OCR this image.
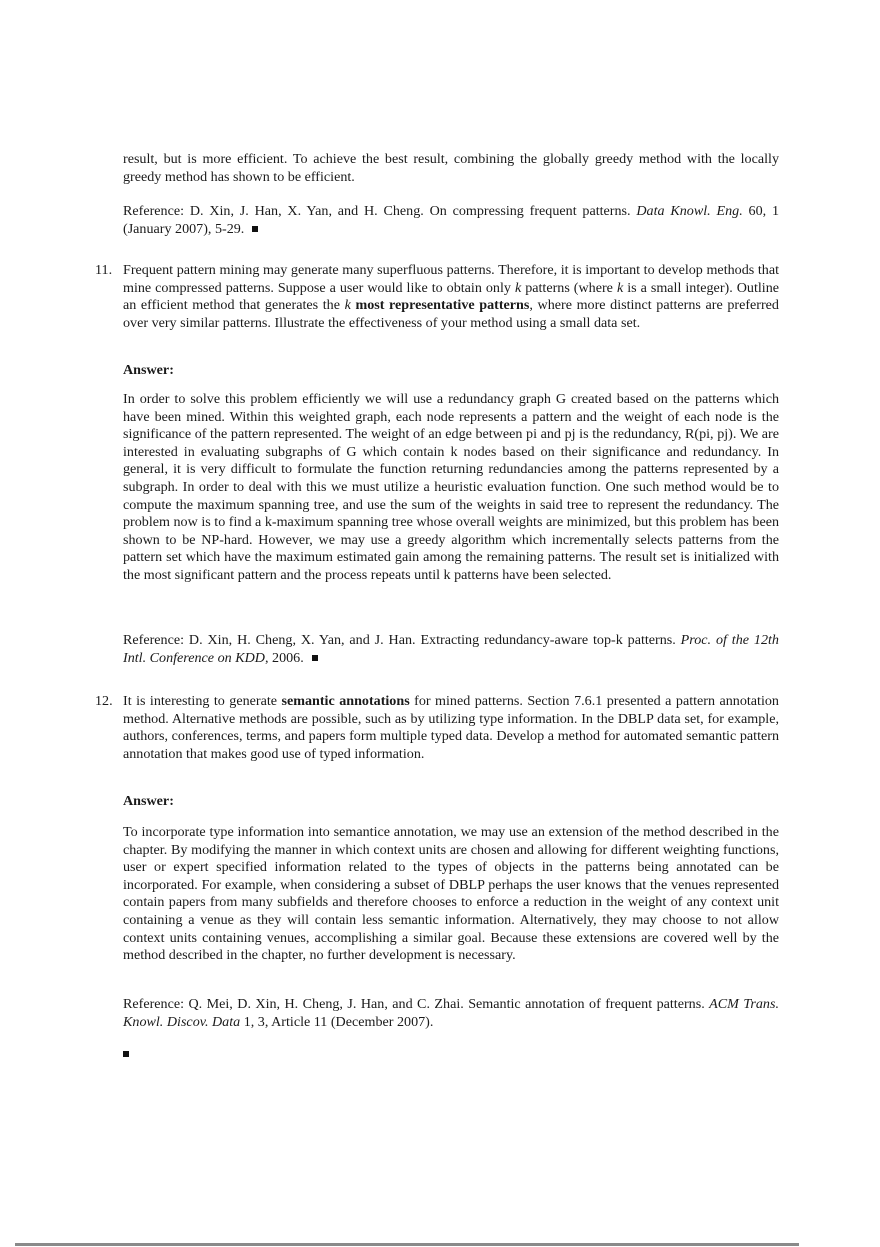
result, but is more efficient. To achieve the best result, combining the globally greedy method with the locally greedy method has shown to be efficient.
Reference: D. Xin, J. Han, X. Yan, and H. Cheng. On compressing frequent patterns. Data Knowl. Eng. 60, 1 (January 2007), 5-29.
11. Frequent pattern mining may generate many superfluous patterns. Therefore, it is important to develop methods that mine compressed patterns. Suppose a user would like to obtain only k patterns (where k is a small integer). Outline an efficient method that generates the k most representative patterns, where more distinct patterns are preferred over very similar patterns. Illustrate the effectiveness of your method using a small data set.
Answer:
In order to solve this problem efficiently we will use a redundancy graph G created based on the patterns which have been mined. Within this weighted graph, each node represents a pattern and the weight of each node is the significance of the pattern represented. The weight of an edge between pi and pj is the redundancy, R(pi, pj). We are interested in evaluating subgraphs of G which contain k nodes based on their significance and redundancy. In general, it is very difficult to formulate the function returning redundancies among the patterns represented by a subgraph. In order to deal with this we must utilize a heuristic evaluation function. One such method would be to compute the maximum spanning tree, and use the sum of the weights in said tree to represent the redundancy. The problem now is to find a k-maximum spanning tree whose overall weights are minimized, but this problem has been shown to be NP-hard. However, we may use a greedy algorithm which incrementally selects patterns from the pattern set which have the maximum estimated gain among the remaining patterns. The result set is initialized with the most significant pattern and the process repeats until k patterns have been selected.
Reference: D. Xin, H. Cheng, X. Yan, and J. Han. Extracting redundancy-aware top-k patterns. Proc. of the 12th Intl. Conference on KDD, 2006.
12. It is interesting to generate semantic annotations for mined patterns. Section 7.6.1 presented a pattern annotation method. Alternative methods are possible, such as by utilizing type information. In the DBLP data set, for example, authors, conferences, terms, and papers form multiple typed data. Develop a method for automated semantic pattern annotation that makes good use of typed information.
Answer:
To incorporate type information into semantice annotation, we may use an extension of the method described in the chapter. By modifying the manner in which context units are chosen and allowing for different weighting functions, user or expert specified information related to the types of objects in the patterns being annotated can be incorporated. For example, when considering a subset of DBLP perhaps the user knows that the venues represented contain papers from many subfields and therefore chooses to enforce a reduction in the weight of any context unit containing a venue as they will contain less semantic information. Alternatively, they may choose to not allow context units containing venues, accomplishing a similar goal. Because these extensions are covered well by the method described in the chapter, no further development is necessary.
Reference: Q. Mei, D. Xin, H. Cheng, J. Han, and C. Zhai. Semantic annotation of frequent patterns. ACM Trans. Knowl. Discov. Data 1, 3, Article 11 (December 2007).
